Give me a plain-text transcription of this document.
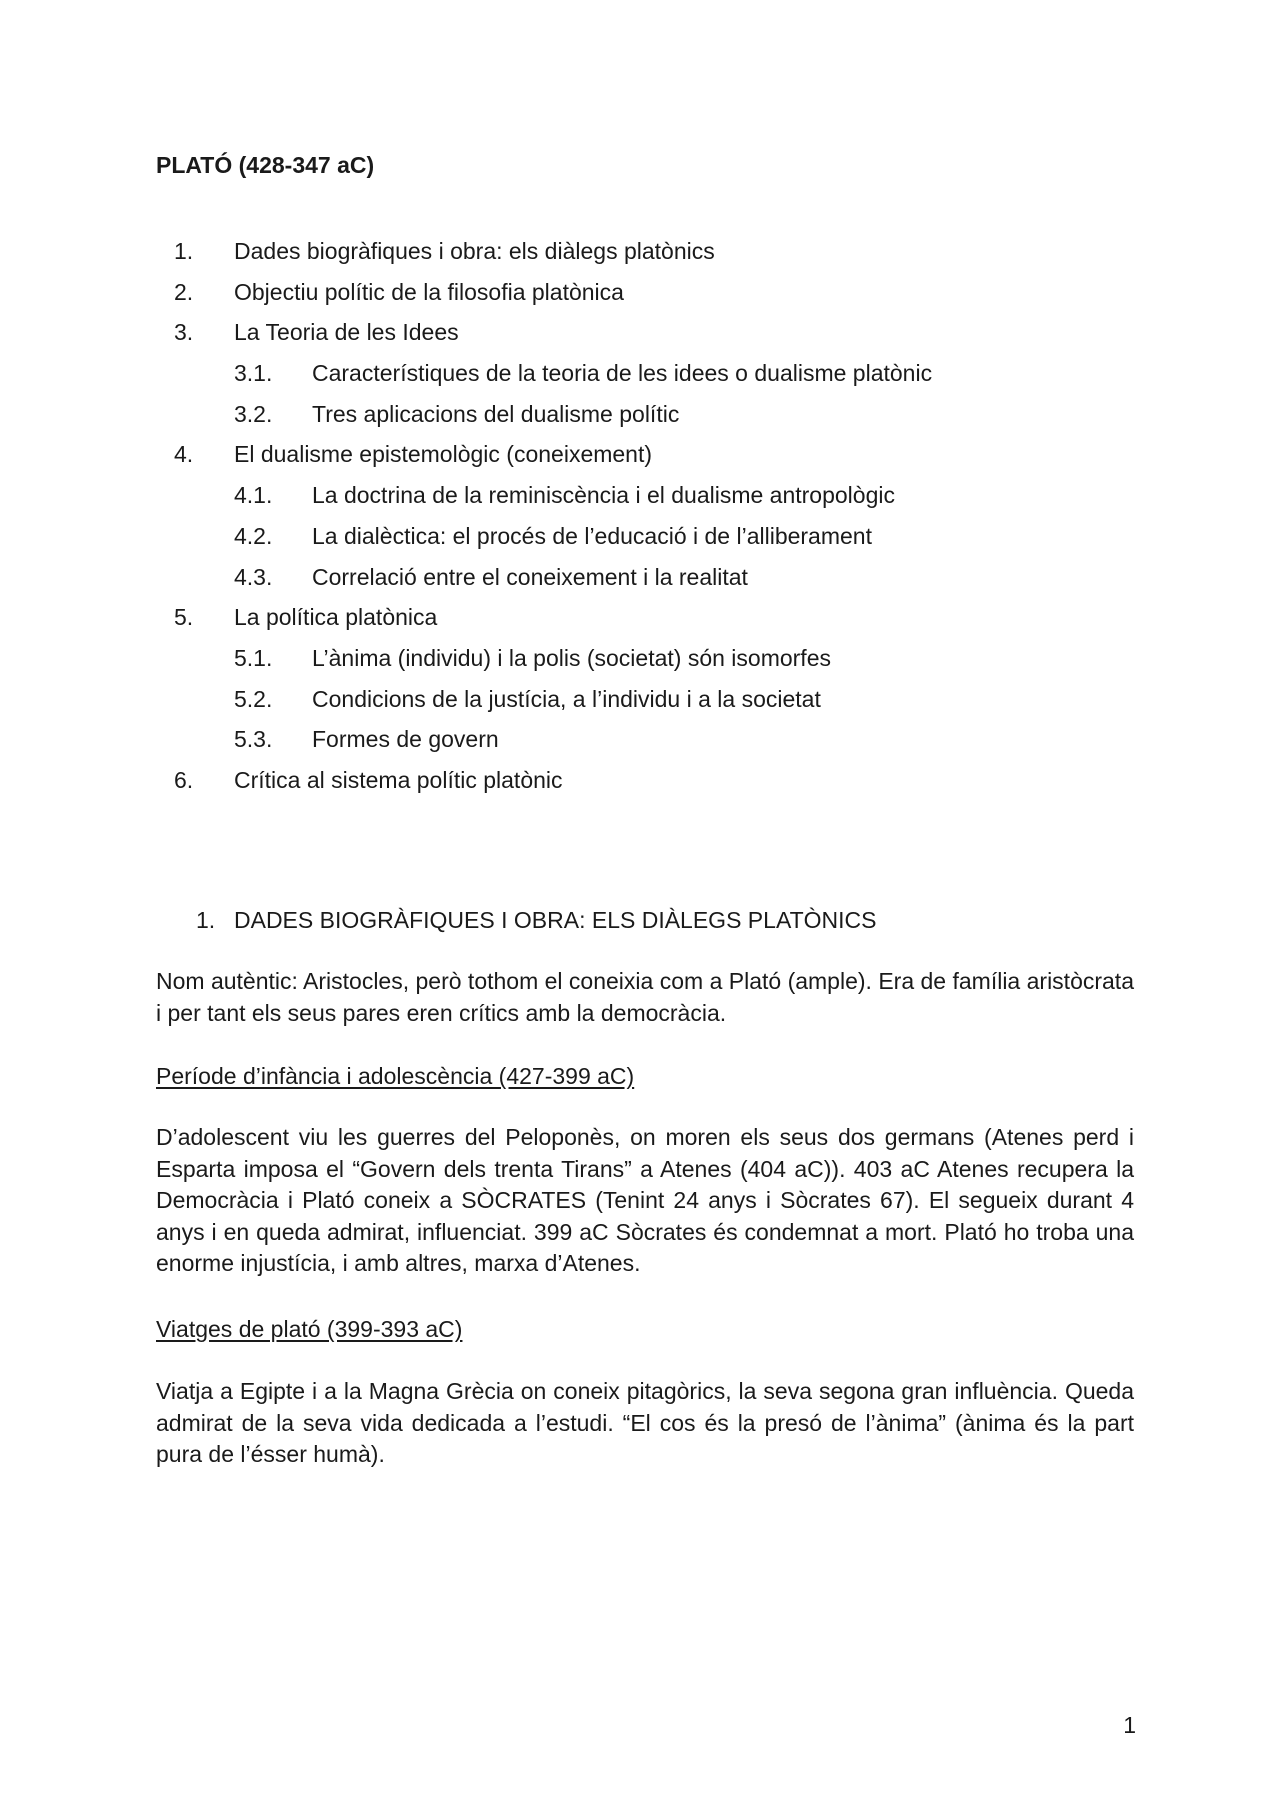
PLATÓ (428-347 aC)
1. Dades biogràfiques i obra: els diàlegs platònics
2. Objectiu polític de la filosofia platònica
3. La Teoria de les Idees
3.1. Característiques de la teoria de les idees o dualisme platònic
3.2. Tres aplicacions del dualisme polític
4. El dualisme epistemològic (coneixement)
4.1. La doctrina de la reminiscència i el dualisme antropològic
4.2. La dialèctica: el procés de l’educació i de l’alliberament
4.3. Correlació entre el coneixement i la realitat
5. La política platònica
5.1. L’ànima (individu) i la polis (societat) són isomorfes
5.2. Condicions de la justícia, a l’individu i a la societat
5.3. Formes de govern
6. Crítica al sistema polític platònic
1. DADES BIOGRÀFIQUES I OBRA: ELS DIÀLEGS PLATÒNICS

Nom autèntic: Aristocles, però tothom el coneixia com a Plató (ample). Era de família aristòcrata i per tant els seus pares eren crítics amb la democràcia.

Període d’infància i adolescència (427-399 aC)

D’adolescent viu les guerres del Peloponès, on moren els seus dos germans (Atenes perd i Esparta imposa el “Govern dels trenta Tirans” a Atenes (404 aC)). 403 aC Atenes recupera la Democràcia i Plató coneix a SÒCRATES (Tenint 24 anys i Sòcrates 67). El segueix durant 4 anys i en queda admirat, influenciat. 399 aC Sòcrates és condemnat a mort. Plató ho troba una enorme injustícia, i amb altres, marxa d’Atenes.

Viatges de plató (399-393 aC)

Viatja a Egipte i a la Magna Grècia on coneix pitagòrics, la seva segona gran influència. Queda admirat de la seva vida dedicada a l’estudi. “El cos és la presó de l’ànima” (ànima és la part pura de l’ésser humà).

1
